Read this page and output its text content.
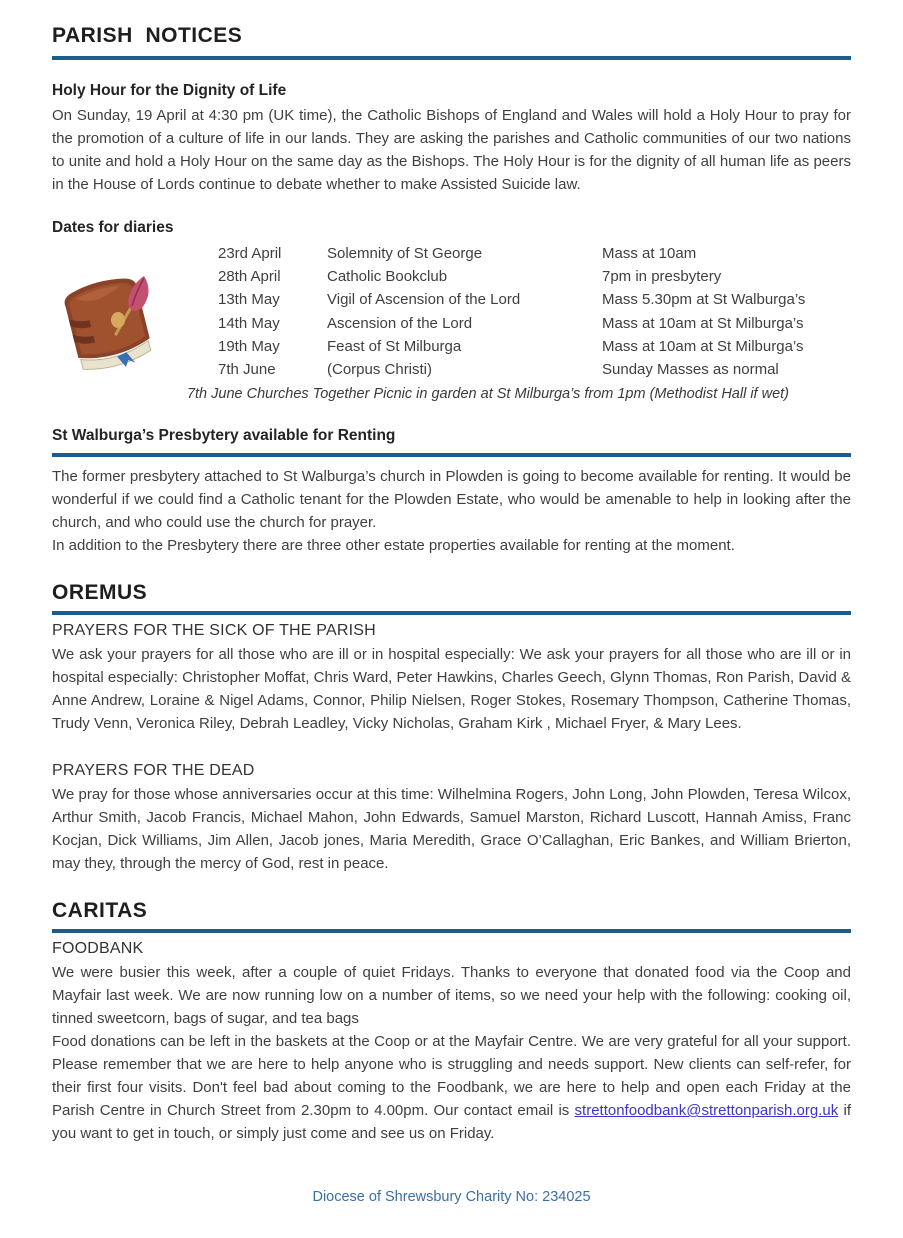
PARISH  NOTICES
Holy Hour for the Dignity of Life

On Sunday, 19 April at 4:30 pm (UK time), the Catholic Bishops of England and Wales will hold a Holy Hour to pray for the promotion of a culture of life in our lands. They are asking the parishes and Catholic communities of our two nations to unite and hold a Holy Hour on the same day as the Bishops. The Holy Hour is for the dignity of all human life as peers in the House of Lords continue to debate whether to make Assisted Suicide law.

Dates for diaries
23rd April	Solemnity of St George	Mass at 10am
28th April	Catholic Bookclub	7pm in presbytery
13th May	Vigil of Ascension of the Lord	Mass 5.30pm at St Walburga’s
14th May	Ascension of the Lord	Mass at 10am at St Milburga’s
19th May	Feast of St Milburga	Mass at 10am at St Milburga’s
7th June	(Corpus Christi)	Sunday Masses as normal
7th June Churches Together Picnic in garden at St Milburga’s from 1pm (Methodist Hall if wet)
St Walburga’s Presbytery available for Renting

The former presbytery attached to St Walburga’s church in Plowden is going to become available for renting. It would be wonderful if we could find a Catholic tenant for the Plowden Estate, who would be amenable to help in looking after the church, and who could use the church for prayer.

In addition to the Presbytery there are three other estate properties available for renting at the moment.

OREMUS
PRAYERS FOR THE SICK OF THE PARISH

We ask your prayers for all those who are ill or in hospital especially: We ask your prayers for all those who are ill or in hospital especially: Christopher Moffat, Chris Ward, Peter Hawkins, Charles Geech, Glynn Thomas, Ron Parish, David & Anne Andrew, Loraine & Nigel Adams, Connor, Philip Nielsen, Roger Stokes, Rosemary Thompson, Catherine Thomas, Trudy Venn, Veronica Riley, Debrah Leadley, Vicky Nicholas, Graham Kirk , Michael Fryer, & Mary Lees.

PRAYERS FOR THE DEAD

We pray for those whose anniversaries occur at this time: Wilhelmina Rogers, John Long, John Plowden, Teresa Wilcox, Arthur Smith, Jacob Francis, Michael Mahon, John Edwards, Samuel Marston, Richard Luscott, Hannah Amiss, Franc Kocjan, Dick Williams, Jim Allen, Jacob jones, Maria Meredith, Grace O’Callaghan, Eric Bankes, and William Brierton, may they, through the mercy of God, rest in peace.

CARITAS
FOODBANK

We were busier this week, after a couple of quiet Fridays. Thanks to everyone that donated food via the Coop and Mayfair last week. We are now running low on a number of items, so we need your help with the following: cooking oil, tinned sweetcorn, bags of sugar, and tea bags

Food donations can be left in the baskets at the Coop or at the Mayfair Centre. We are very grateful for all your support. Please remember that we are here to help anyone who is struggling and needs support. New clients can self-refer, for their first four visits. Don't feel bad about coming to the Foodbank, we are here to help and open each Friday at the Parish Centre in Church Street from 2.30pm to 4.00pm. Our contact email is strettonfoodbank@strettonparish.org.uk if you want to get in touch, or simply just come and see us on Friday.

Diocese of Shrewsbury Charity No: 234025
